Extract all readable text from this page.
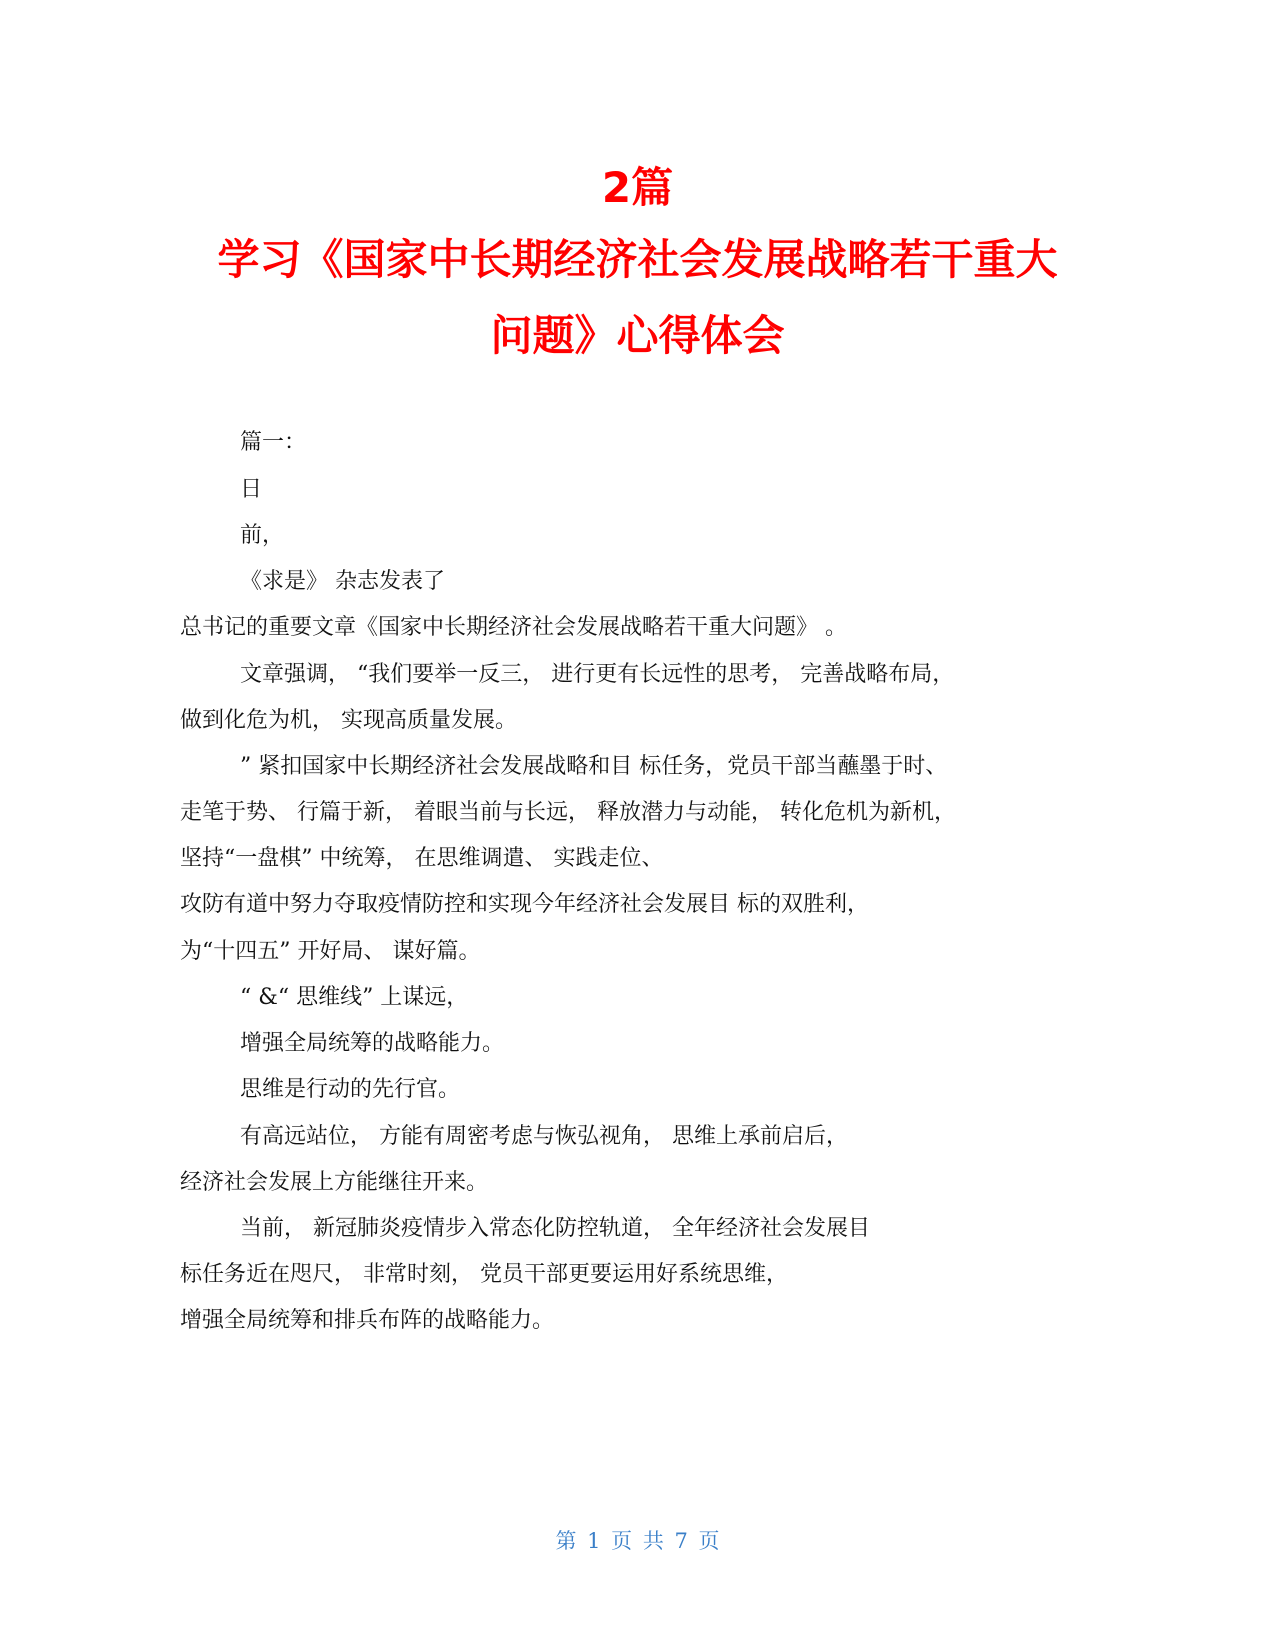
2篇
学习《国家中长期经济社会发展战略若干重大
问题》心得体会
篇一：
日
前，
《求是》 杂志发表了
总书记的重要文章《国家中长期经济社会发展战略若干重大问题》 。
文章强调， “我们要举一反三， 进行更有长远性的思考， 完善战略布局，
做到化危为机， 实现高质量发展。
” 紧扣国家中长期经济社会发展战略和目 标任务，党员干部当蘸墨于时、
走笔于势、 行篇于新， 着眼当前与长远， 释放潜力与动能， 转化危机为新机，
坚持“一盘棋” 中统筹， 在思维调遣、 实践走位、
攻防有道中努力夺取疫情防控和实现今年经济社会发展目 标的双胜利，
为“十四五” 开好局、 谋好篇。
“ &“ 思维线” 上谋远，
增强全局统筹的战略能力。
思维是行动的先行官。
有高远站位， 方能有周密考虑与恢弘视角， 思维上承前启后，
经济社会发展上方能继往开来。
当前， 新冠肺炎疫情步入常态化防控轨道， 全年经济社会发展目
标任务近在咫尺， 非常时刻， 党员干部更要运用好系统思维，
增强全局统筹和排兵布阵的战略能力。
第 1 页 共 7 页
